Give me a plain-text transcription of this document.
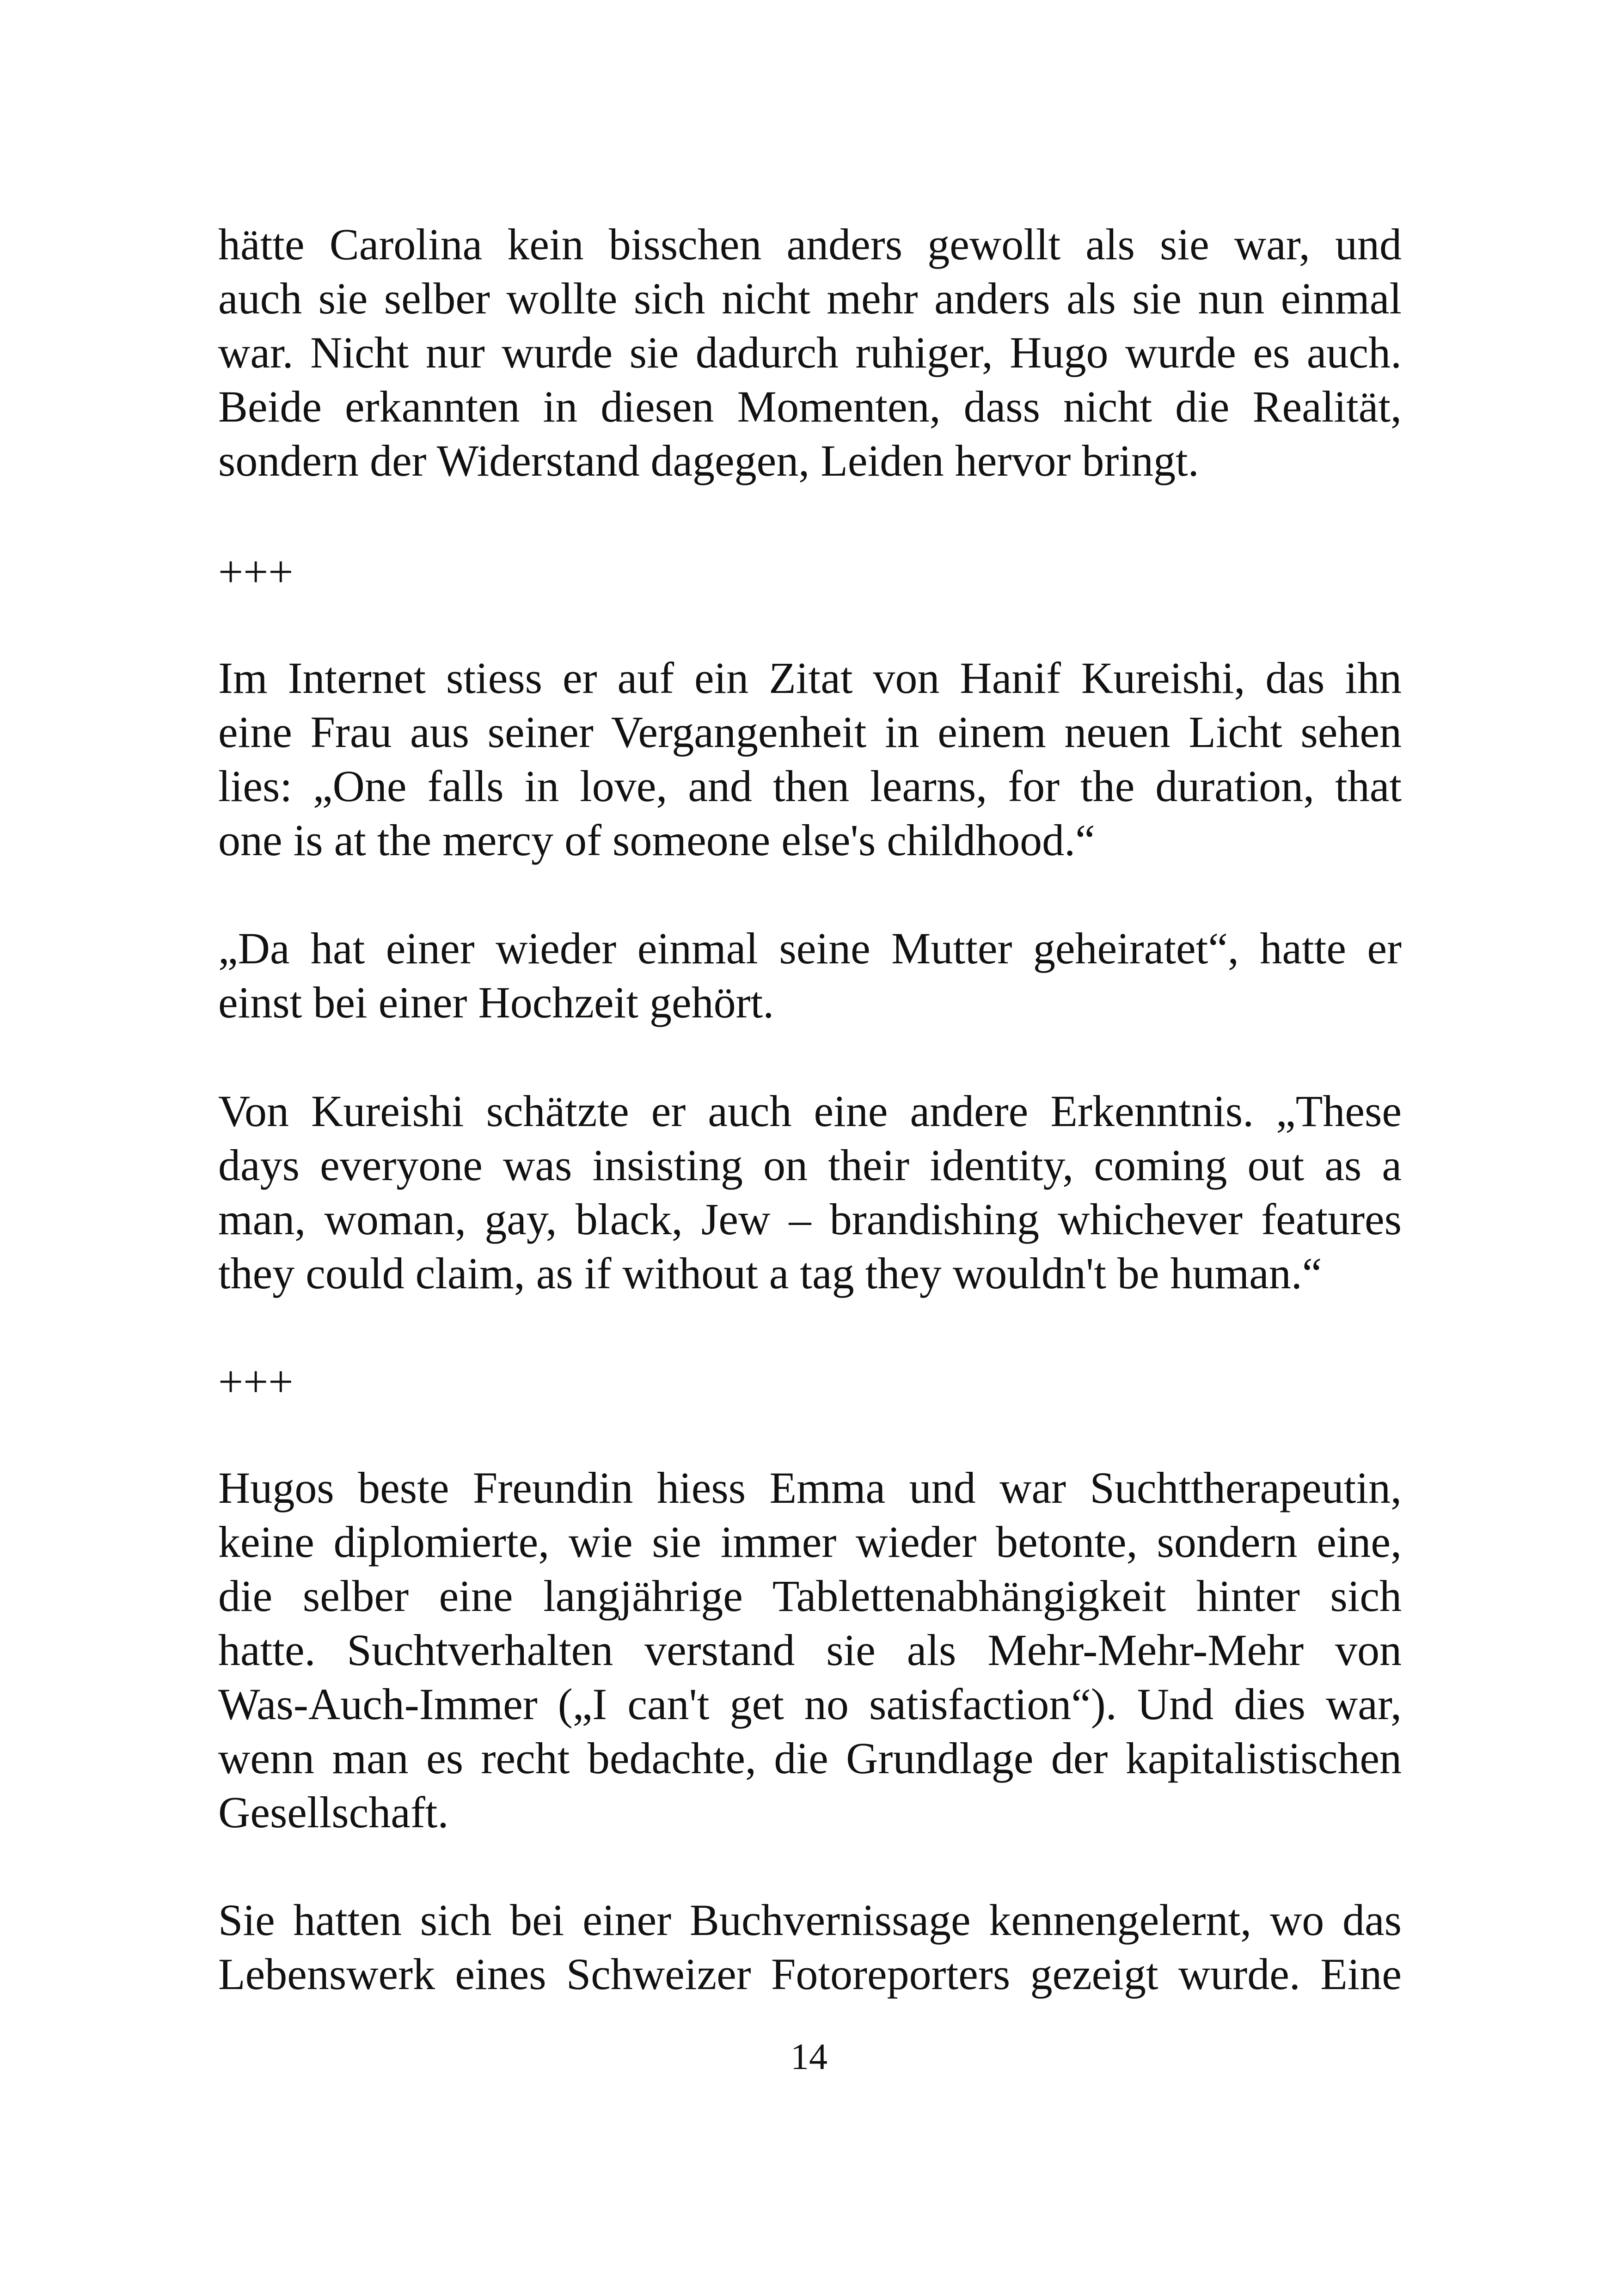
hätte Carolina kein bisschen anders gewollt als sie war, und
auch sie selber wollte sich nicht mehr anders als sie nun einmal
war. Nicht nur wurde sie dadurch ruhiger, Hugo wurde es auch.
Beide erkannten in diesen Momenten, dass nicht die Realität,
sondern der Widerstand dagegen, Leiden hervor bringt.
+++
Im Internet stiess er auf ein Zitat von Hanif Kureishi, das ihn
eine Frau aus seiner Vergangenheit in einem neuen Licht sehen
lies: „One falls in love, and then learns, for the duration, that
one is at the mercy of someone else's childhood.“
„Da hat einer wieder einmal seine Mutter geheiratet“, hatte er
einst bei einer Hochzeit gehört.
Von Kureishi schätzte er auch eine andere Erkenntnis. „These
days everyone was insisting on their identity, coming out as a
man, woman, gay, black, Jew – brandishing whichever features
they could claim, as if without a tag they wouldn't be human.“
+++
Hugos beste Freundin hiess Emma und war Suchttherapeutin,
keine diplomierte, wie sie immer wieder betonte, sondern eine,
die selber eine langjährige Tablettenabhängigkeit hinter sich
hatte. Suchtverhalten verstand sie als Mehr-Mehr-Mehr von
Was-Auch-Immer („I can't get no satisfaction“). Und dies war,
wenn man es recht bedachte, die Grundlage der kapitalistischen
Gesellschaft.
Sie hatten sich bei einer Buchvernissage kennengelernt, wo das
Lebenswerk eines Schweizer Fotoreporters gezeigt wurde. Eine
14
